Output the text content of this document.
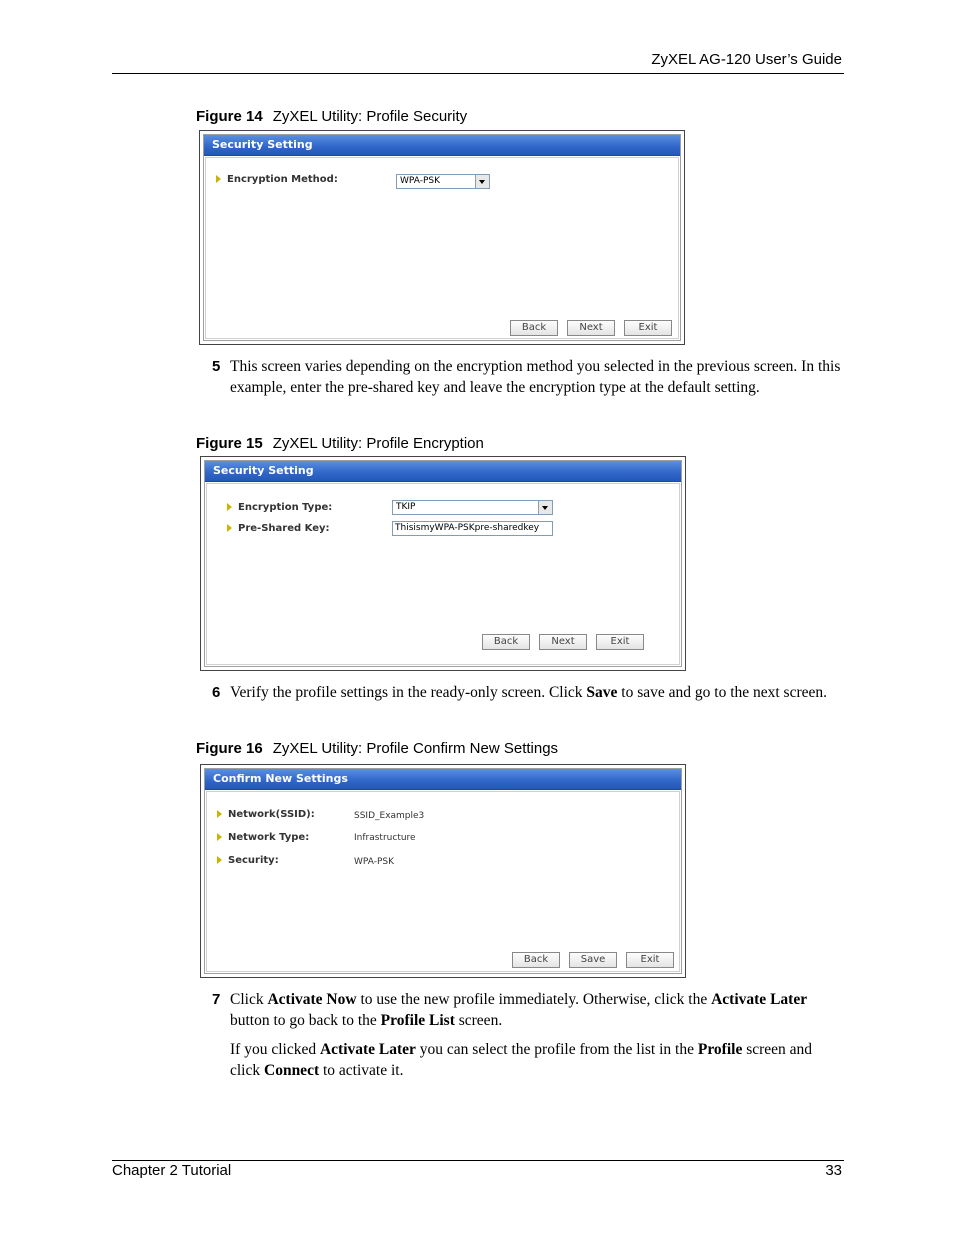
ZyXEL AG-120 User’s Guide
Figure 14 ZyXEL Utility: Profile Security
Security Setting
Encryption Method:	WPA-PSK
Back	Next	Exit
5 This screen varies depending on the encryption method you selected in the previous screen. In this example, enter the pre-shared key and leave the encryption type at the default setting.
Figure 15 ZyXEL Utility: Profile Encryption
Security Setting
Encryption Type:	TKIP
Pre-Shared Key:	ThisismyWPA-PSKpre-sharedkey
Back	Next	Exit
6 Verify the profile settings in the ready-only screen. Click Save to save and go to the next screen.
Figure 16 ZyXEL Utility: Profile Confirm New Settings
Confirm New Settings
Network(SSID):	SSID_Example3
Network Type:	Infrastructure
Security:	WPA-PSK
Back	Save	Exit
7 Click Activate Now to use the new profile immediately. Otherwise, click the Activate Later button to go back to the Profile List screen.
If you clicked Activate Later you can select the profile from the list in the Profile screen and click Connect to activate it.
Chapter 2 Tutorial	33
